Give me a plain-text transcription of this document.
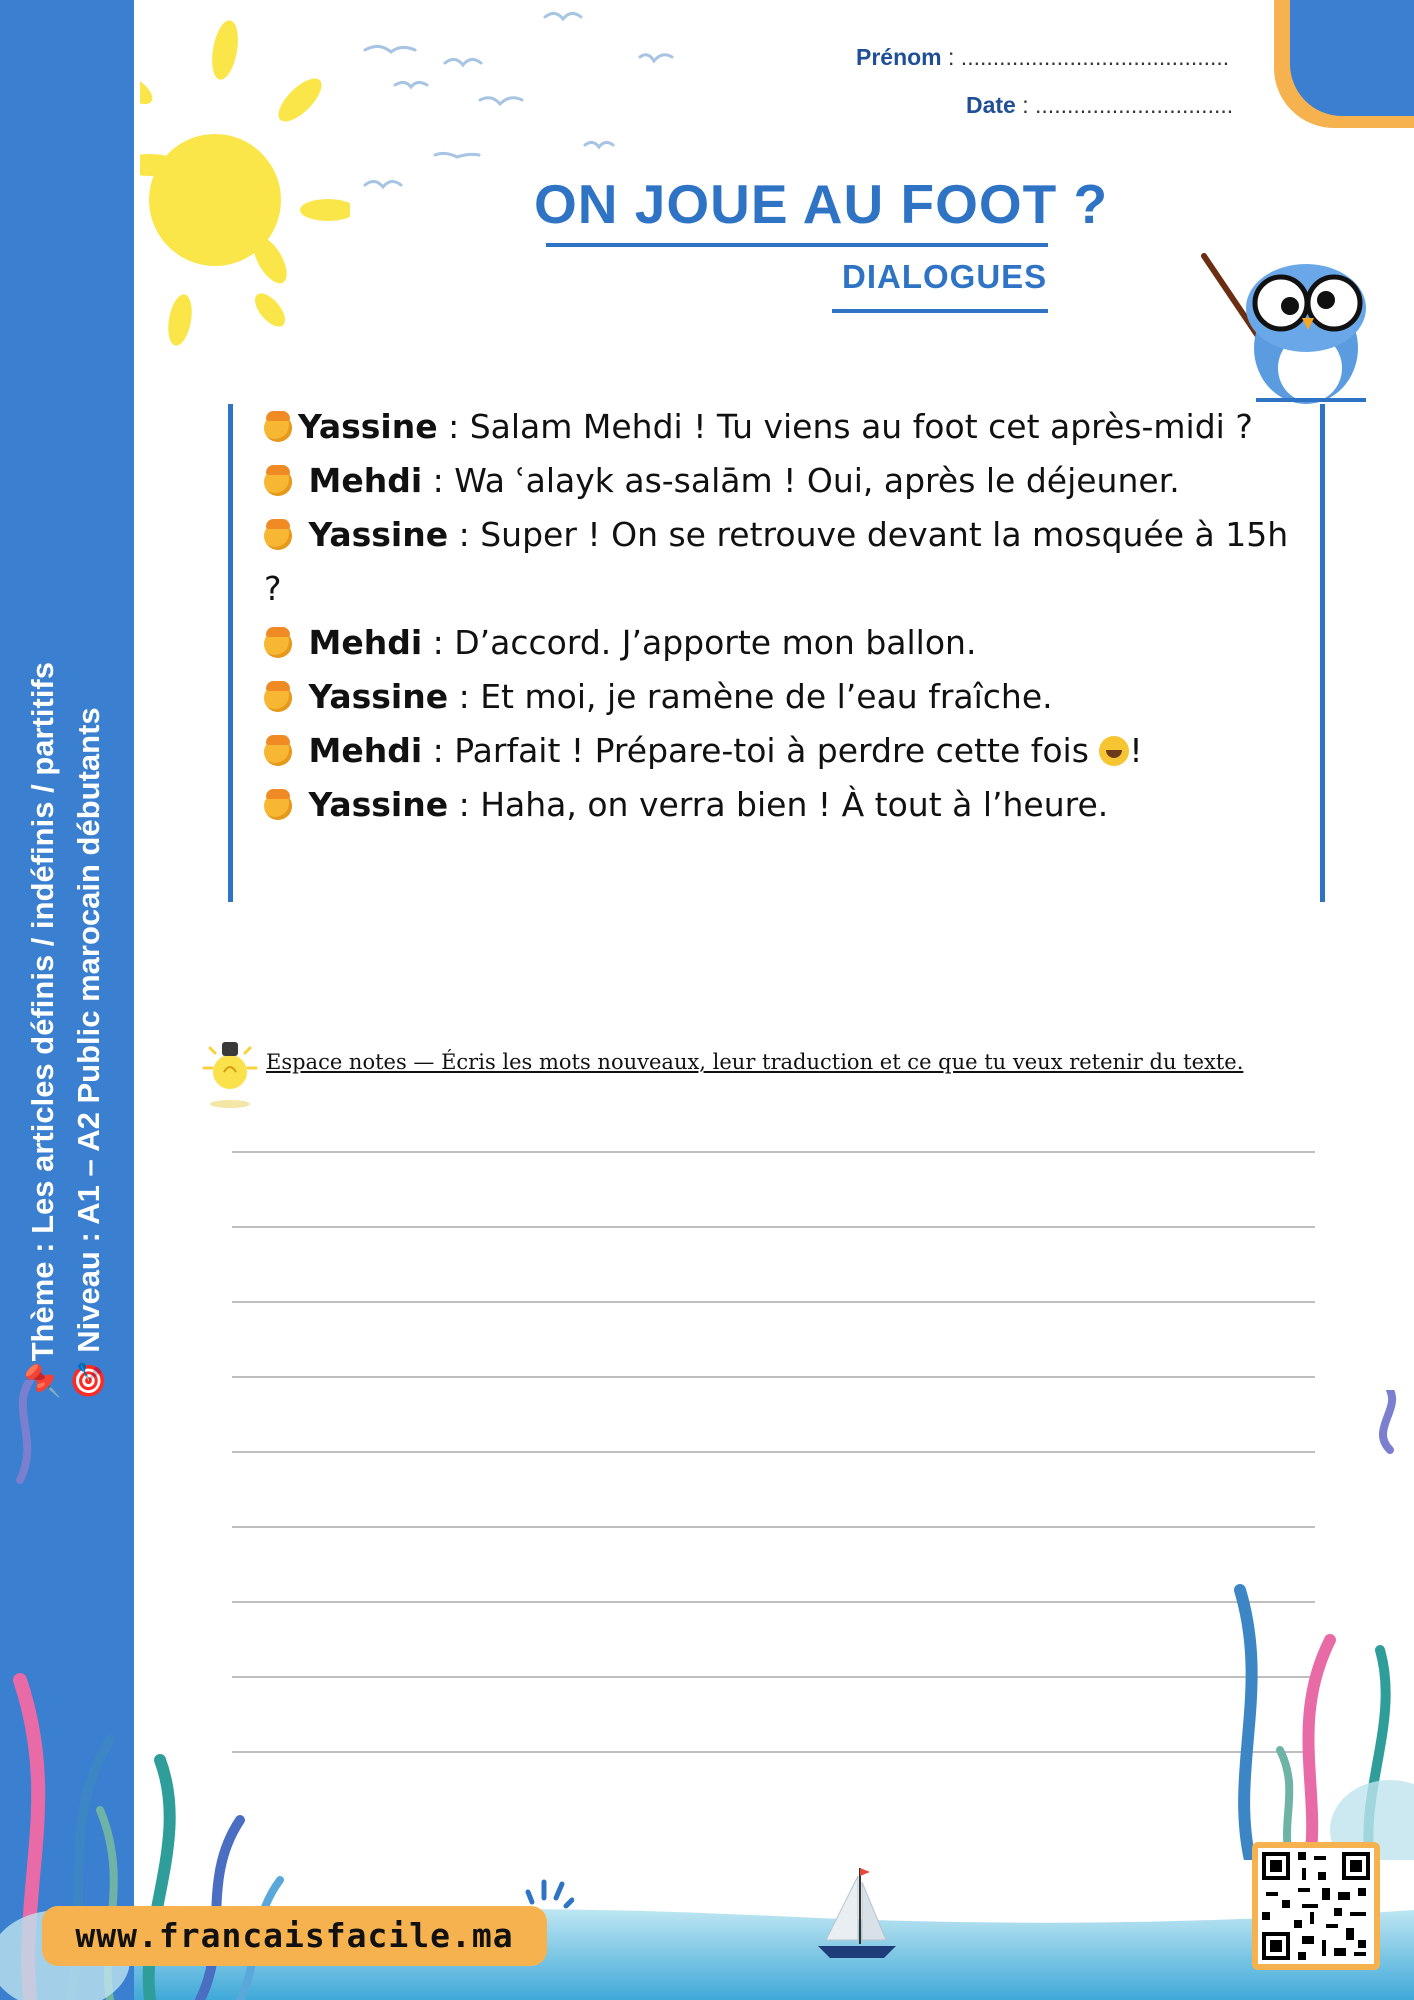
📌Thème : Les articles définis / indéfinis / partitifs 🎯 Niveau : A1 – A2 Public marocain débutants
Prénom : ..........................................
Date : ...............................
ON JOUE AU FOOT ?
DIALOGUES

Yassine : Salam Mehdi ! Tu viens au foot cet après-midi ?

Mehdi : Wa ʿalayk as-salām ! Oui, après le déjeuner.

Yassine : Super ! On se retrouve devant la mosquée à 15h ?

Mehdi : D’accord. J’apporte mon ballon.

Yassine : Et moi, je ramène de l’eau fraîche.

Mehdi : Parfait ! Prépare-toi à perdre cette fois !

Yassine : Haha, on verra bien ! À tout à l’heure.

Espace notes — Écris les mots nouveaux, leur traduction et ce que tu veux retenir du texte.
www.francaisfacile.ma
